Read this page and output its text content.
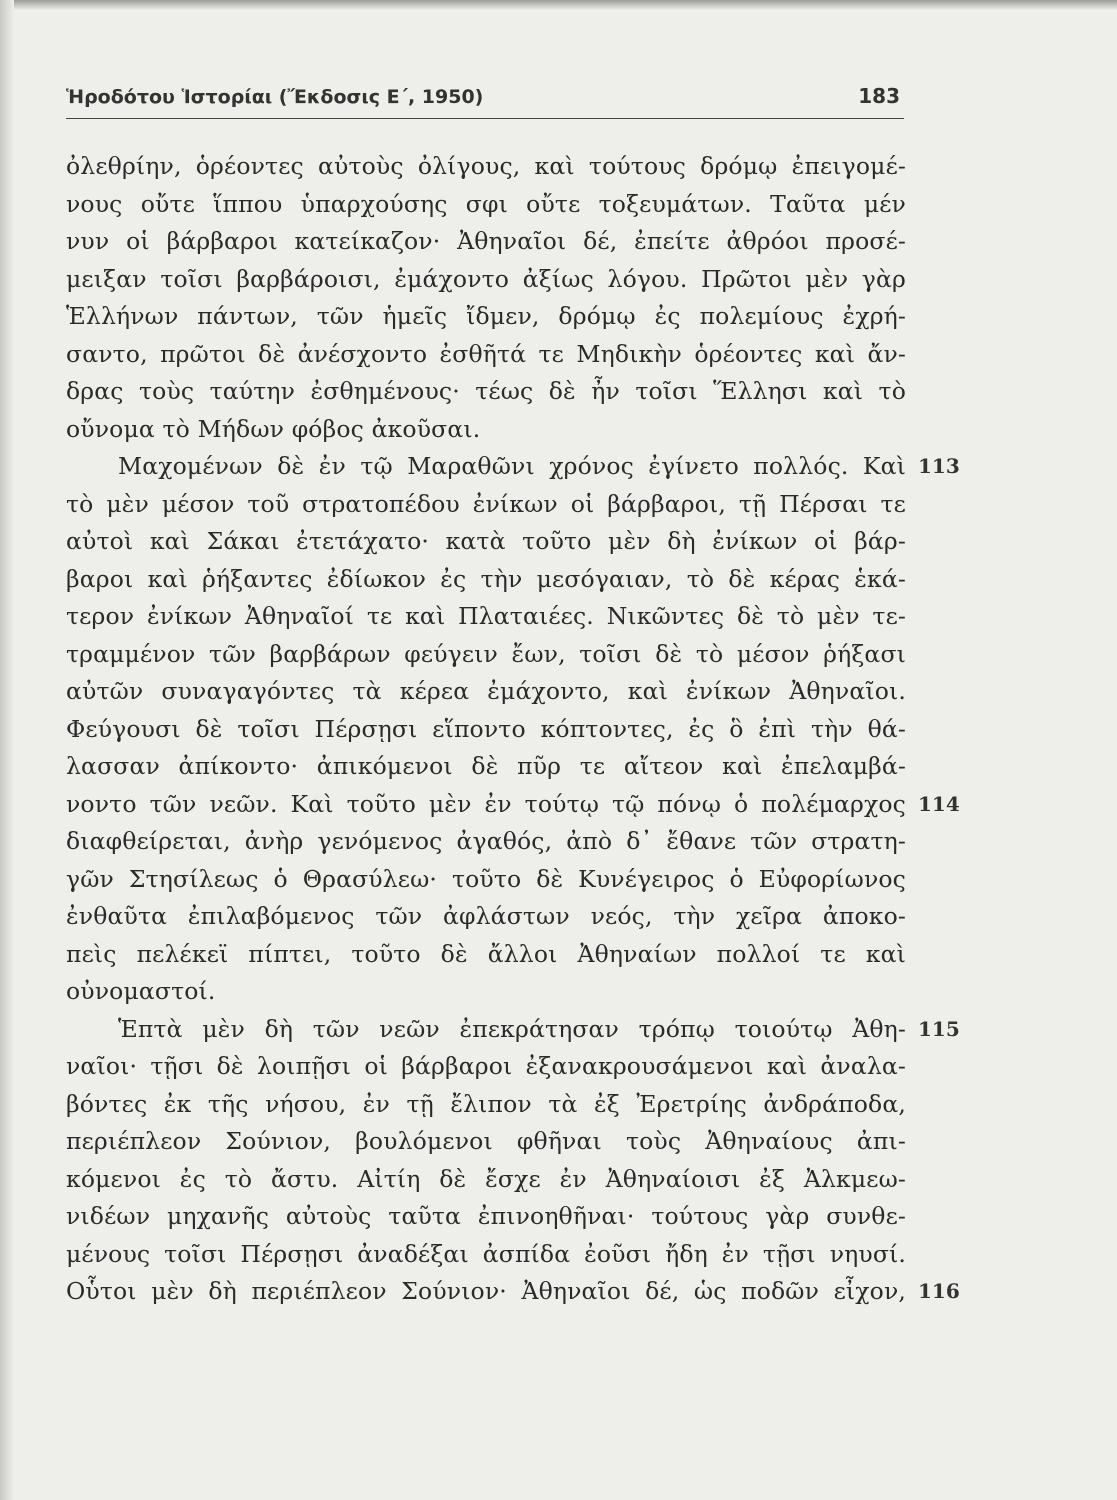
Ἡροδότου Ἱστορίαι (Ἔκδοσις Ε΄, 1950)	183
ὀλεθρίην, ὁρέοντες αὐτοὺς ὀλίγους, καὶ τούτους δρόμῳ ἐπειγομέ-
νους οὔτε ἵππου ὑπαρχούσης σφι οὔτε τοξευμάτων. Ταῦτα μέν
νυν οἱ βάρβαροι κατείκαζον· Ἀθηναῖοι δέ, ἐπείτε ἀθρόοι προσέ-
μειξαν τοῖσι βαρβάροισι, ἐμάχοντο ἀξίως λόγου. Πρῶτοι μὲν γὰρ
Ἑλλήνων πάντων, τῶν ἡμεῖς ἴδμεν, δρόμῳ ἐς πολεμίους ἐχρή-
σαντο, πρῶτοι δὲ ἀνέσχοντο ἐσθῆτά τε Μηδικὴν ὁρέοντες καὶ ἄν-
δρας τοὺς ταύτην ἐσθημένους· τέως δὲ ἦν τοῖσι Ἕλλησι καὶ τὸ
οὔνομα τὸ Μήδων φόβος ἀκοῦσαι.
Μαχομένων δὲ ἐν τῷ Μαραθῶνι χρόνος ἐγίνετο πολλός. Καὶ 113
τὸ μὲν μέσον τοῦ στρατοπέδου ἐνίκων οἱ βάρβαροι, τῇ Πέρσαι τε
αὐτοὶ καὶ Σάκαι ἐτετάχατο· κατὰ τοῦτο μὲν δὴ ἐνίκων οἱ βάρ-
βαροι καὶ ῥήξαντες ἐδίωκον ἐς τὴν μεσόγαιαν, τὸ δὲ κέρας ἑκά-
τερον ἐνίκων Ἀθηναῖοί τε καὶ Πλαταιέες. Νικῶντες δὲ τὸ μὲν τε-
τραμμένον τῶν βαρβάρων φεύγειν ἔων, τοῖσι δὲ τὸ μέσον ῥήξασι
αὐτῶν συναγαγόντες τὰ κέρεα ἐμάχοντο, καὶ ἐνίκων Ἀθηναῖοι.
Φεύγουσι δὲ τοῖσι Πέρσῃσι εἵποντο κόπτοντες, ἐς ὃ ἐπὶ τὴν θά-
λασσαν ἀπίκοντο· ἀπικόμενοι δὲ πῦρ τε αἴτεον καὶ ἐπελαμβά-
νοντο τῶν νεῶν. Καὶ τοῦτο μὲν ἐν τούτῳ τῷ πόνῳ ὁ πολέμαρχος 114
διαφθείρεται, ἀνὴρ γενόμενος ἀγαθός, ἀπὸ δ᾽ ἔθανε τῶν στρατη-
γῶν Στησίλεως ὁ Θρασύλεω· τοῦτο δὲ Κυνέγειρος ὁ Εὐφορίωνος
ἐνθαῦτα ἐπιλαβόμενος τῶν ἀφλάστων νεός, τὴν χεῖρα ἀποκο-
πεὶς πελέκεϊ πίπτει, τοῦτο δὲ ἄλλοι Ἀθηναίων πολλοί τε καὶ
οὐνομαστοί.
Ἑπτὰ μὲν δὴ τῶν νεῶν ἐπεκράτησαν τρόπῳ τοιούτῳ Ἀθη- 115
ναῖοι· τῇσι δὲ λοιπῇσι οἱ βάρβαροι ἐξανακρουσάμενοι καὶ ἀναλα-
βόντες ἐκ τῆς νήσου, ἐν τῇ ἔλιπον τὰ ἐξ Ἐρετρίης ἀνδράποδα,
περιέπλεον Σούνιον, βουλόμενοι φθῆναι τοὺς Ἀθηναίους ἀπι-
κόμενοι ἐς τὸ ἄστυ. Αἰτίη δὲ ἔσχε ἐν Ἀθηναίοισι ἐξ Ἀλκμεω-
νιδέων μηχανῆς αὐτοὺς ταῦτα ἐπινοηθῆναι· τούτους γὰρ συνθε-
μένους τοῖσι Πέρσῃσι ἀναδέξαι ἀσπίδα ἐοῦσι ἤδη ἐν τῇσι νηυσί.
Οὗτοι μὲν δὴ περιέπλεον Σούνιον· Ἀθηναῖοι δέ, ὡς ποδῶν εἶχον, 116
